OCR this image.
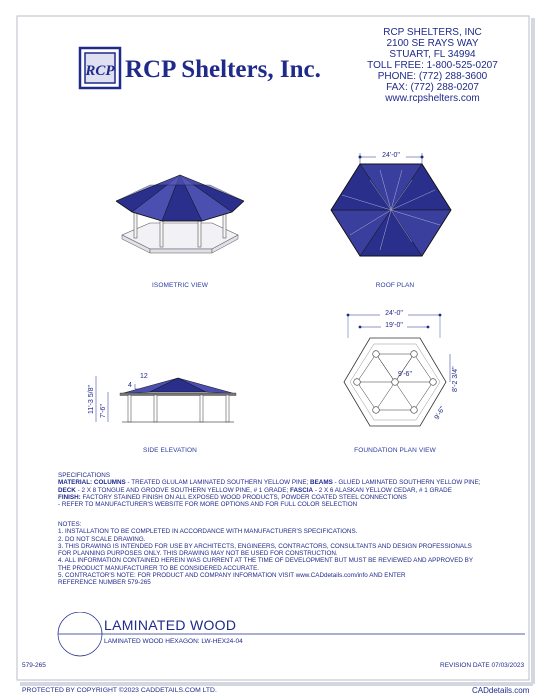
RCP RCP Shelters, Inc.
RCP SHELTERS, INC
2100 SE RAYS WAY
STUART, FL 34994
TOLL FREE: 1-800-525-0207
PHONE: (772) 288-3600
FAX: (772) 288-0207
www.rcpshelters.com
ISOMETRIC VIEW
24'-0"
ROOF PLAN
11'-3 5/8" 7'-6"
12
4
SIDE ELEVATION
24'-0"
19'-0"
9'-6"	8'-2 3/4"
9'-6"
FOUNDATION PLAN VIEW
SPECIFICATIONS
MATERIAL: COLUMNS - TREATED GLULAM LAMINATED SOUTHERN YELLOW PINE; BEAMS - GLUED LAMINATED SOUTHERN YELLOW PINE;
DECK - 2 X 8 TONGUE AND GROOVE SOUTHERN YELLOW PINE, # 1 GRADE; FASCIA - 2 X 6 ALASKAN YELLOW CEDAR, # 1 GRADE
FINISH: FACTORY STAINED FINISH ON ALL EXPOSED WOOD PRODUCTS, POWDER COATED STEEL CONNECTIONS
- REFER TO MANUFACTURER'S WEBSITE FOR MORE OPTIONS AND FOR FULL COLOR SELECTION
NOTES:
1. INSTALLATION TO BE COMPLETED IN ACCORDANCE WITH MANUFACTURER'S SPECIFICATIONS.
2. DO NOT SCALE DRAWING.
3. THIS DRAWING IS INTENDED FOR USE BY ARCHITECTS, ENGINEERS, CONTRACTORS, CONSULTANTS AND DESIGN PROFESSIONALS
FOR PLANNING PURPOSES ONLY. THIS DRAWING MAY NOT BE USED FOR CONSTRUCTION.
4. ALL INFORMATION CONTAINED HEREIN WAS CURRENT AT THE TIME OF DEVELOPMENT BUT MUST BE REVIEWED AND APPROVED BY
THE PRODUCT MANUFACTURER TO BE CONSIDERED ACCURATE.
5. CONTRACTOR'S NOTE: FOR PRODUCT AND COMPANY INFORMATION VISIT www.CADdetails.com/info AND ENTER
REFERENCE NUMBER 579-265
LAMINATED WOOD
LAMINATED WOOD HEXAGON: LW-HEX24-04
579-265	REVISION DATE 07/03/2023
PROTECTED BY COPYRIGHT ©2023 CADDETAILS.COM LTD.	CADdetails.com
